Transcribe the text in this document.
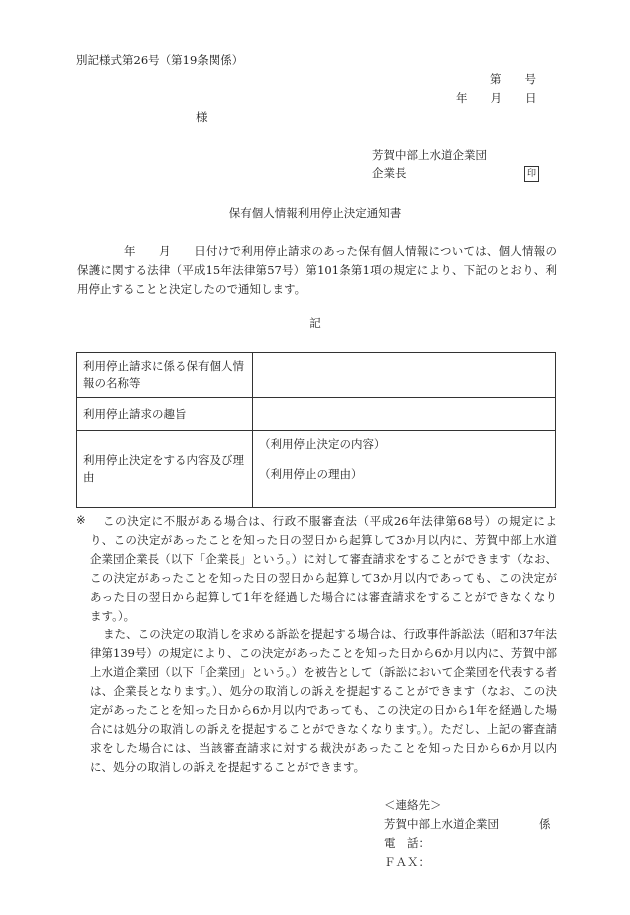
別記様式第26号（第19条関係）
第　　号
年　　月　　日
様
芳賀中部上水道企業団
企業長	印
保有個人情報利用停止決定通知書
年　　月　　日付けで利用停止請求のあった保有個人情報については、個人情報の保護に関する法律（平成15年法律第57号）第101条第1項の規定により、下記のとおり、利用停止することと決定したので通知します。
記
利用停止請求に係る保有個人情報の名称等	
利用停止請求の趣旨	
利用停止決定をする内容及び理由	（利用停止決定の内容）
（利用停止の理由）
※	この決定に不服がある場合は、行政不服審査法（平成26年法律第68号）の規定により、この決定があったことを知った日の翌日から起算して3か月以内に、芳賀中部上水道企業団企業長（以下「企業長」という。）に対して審査請求をすることができます（なお、この決定があったことを知った日の翌日から起算して3か月以内であっても、この決定があった日の翌日から起算して1年を経過した場合には審査請求をすることができなくなります。）。

また、この決定の取消しを求める訴訟を提起する場合は、行政事件訴訟法（昭和37年法律第139号）の規定により、この決定があったことを知った日から6か月以内に、芳賀中部上水道企業団（以下「企業団」という。）を被告として（訴訟において企業団を代表する者は、企業長となります。）、処分の取消しの訴えを提起することができます（なお、この決定があったことを知った日から6か月以内であっても、この決定の日から1年を経過した場合には処分の取消しの訴えを提起することができなくなります。）。ただし、上記の審査請求をした場合には、当該審査請求に対する裁決があったことを知った日から6か月以内に、処分の取消しの訴えを提起することができます。

＜連絡先＞
芳賀中部上水道企業団	係
電　話：
ＦＡＸ：
